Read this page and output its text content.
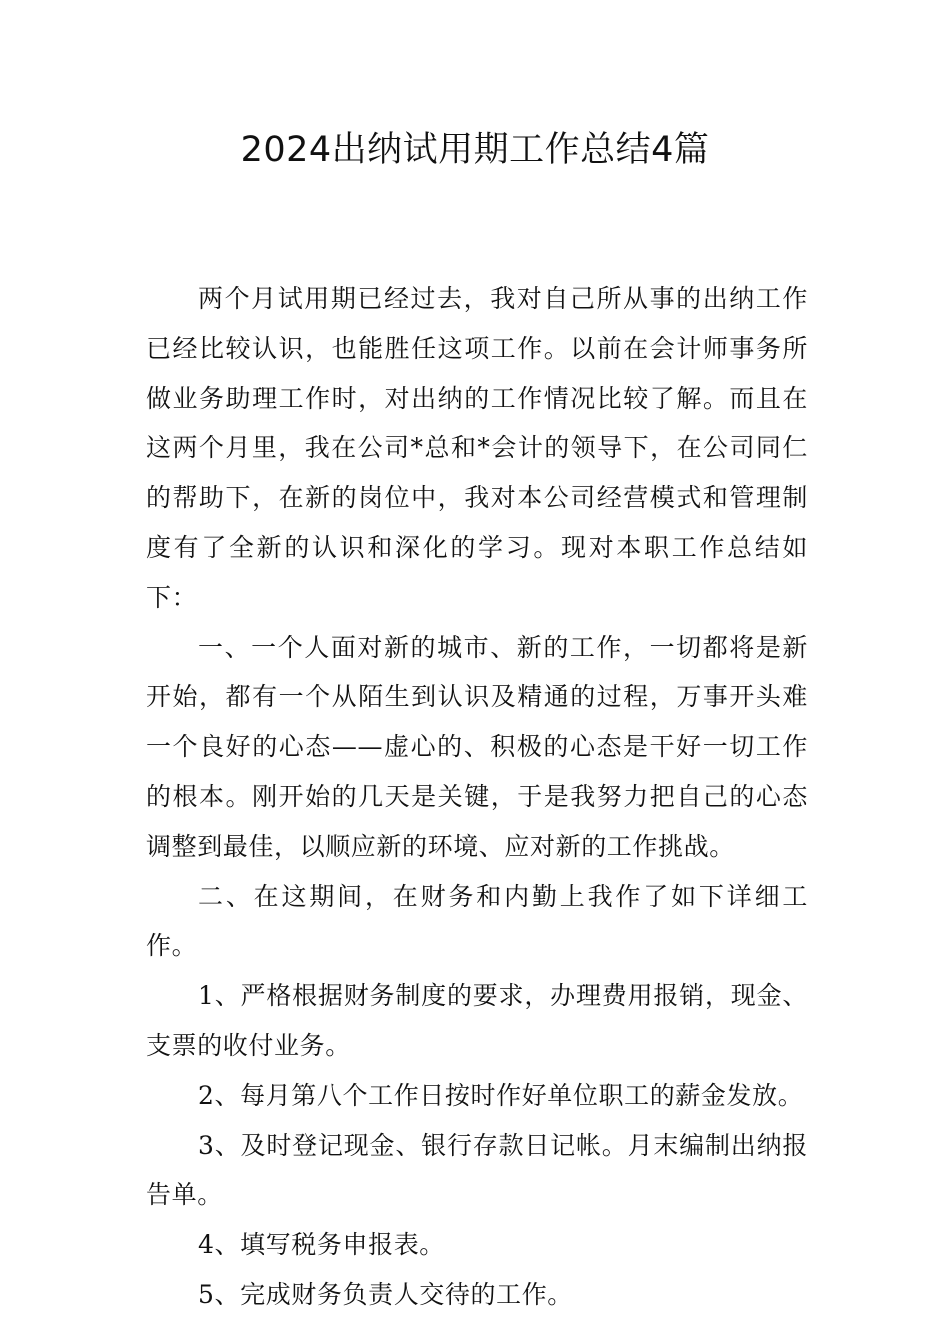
2024出纳试用期工作总结4篇

两个月试用期已经过去，我对自己所从事的出纳工作已经比较认识，也能胜任这项工作。以前在会计师事务所做业务助理工作时，对出纳的工作情况比较了解。而且在这两个月里，我在公司*总和*会计的领导下，在公司同仁的帮助下，在新的岗位中，我对本公司经营模式和管理制度有了全新的认识和深化的学习。现对本职工作总结如下：

一、一个人面对新的城市、新的工作，一切都将是新开始，都有一个从陌生到认识及精通的过程，万事开头难一个良好的心态——虚心的、积极的心态是干好一切工作的根本。刚开始的几天是关键，于是我努力把自己的心态调整到最佳，以顺应新的环境、应对新的工作挑战。

二、在这期间，在财务和内勤上我作了如下详细工作。

1、严格根据财务制度的要求，办理费用报销，现金、支票的收付业务。

2、每月第八个工作日按时作好单位职工的薪金发放。

3、及时登记现金、银行存款日记帐。月末编制出纳报告单。

4、填写税务申报表。

5、完成财务负责人交待的工作。
